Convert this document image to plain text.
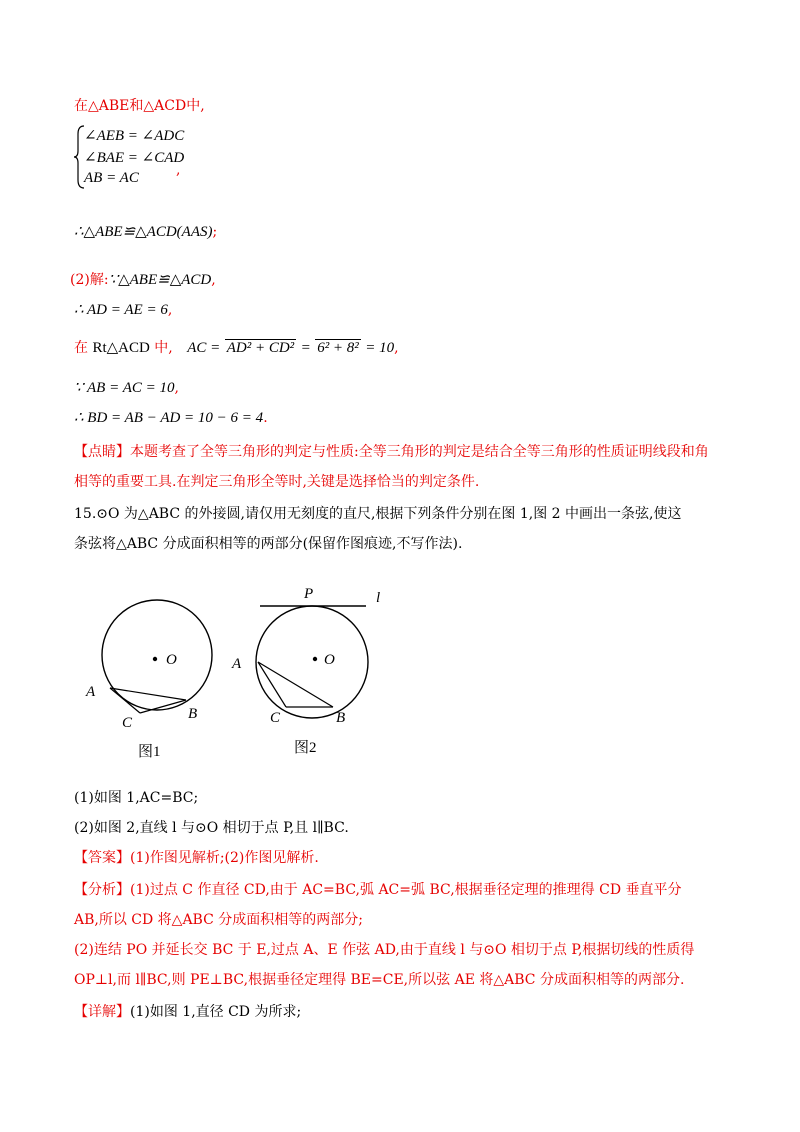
在△ABE和△ACD中,
∠AEB = ∠ADC
∠BAE = ∠CAD
AB = AC	,
∴△ABE≌△ACD(AAS);
(2)解:∵△ABE≌△ACD,
∴ AD = AE = 6,
在 Rt△ACD 中, AC = AD² + CD² = 6² + 8² = 10,
∵ AB = AC = 10,
∴ BD = AB − AD = 10 − 6 = 4.
【点睛】本题考查了全等三角形的判定与性质:全等三角形的判定是结合全等三角形的性质证明线段和角
相等的重要工具.在判定三角形全等时,关键是选择恰当的判定条件.
15.⊙O 为△ABC 的外接圆,请仅用无刻度的直尺,根据下列条件分别在图 1,图 2 中画出一条弦,使这
条弦将△ABC 分成面积相等的两部分(保留作图痕迹,不写作法).
O
A
B
C
图1
P	l
O
A
B
C
图2
(1)如图 1,AC=BC;
(2)如图 2,直线 l 与⊙O 相切于点 P,且 l∥BC.
【答案】(1)作图见解析;(2)作图见解析.
【分析】(1)过点 C 作直径 CD,由于 AC=BC,弧 AC=弧 BC,根据垂径定理的推理得 CD 垂直平分
AB,所以 CD 将△ABC 分成面积相等的两部分;
(2)连结 PO 并延长交 BC 于 E,过点 A、E 作弦 AD,由于直线 l 与⊙O 相切于点 P,根据切线的性质得
OP⊥l,而 l∥BC,则 PE⊥BC,根据垂径定理得 BE=CE,所以弦 AE 将△ABC 分成面积相等的两部分.
【详解】(1)如图 1,直径 CD 为所求;
